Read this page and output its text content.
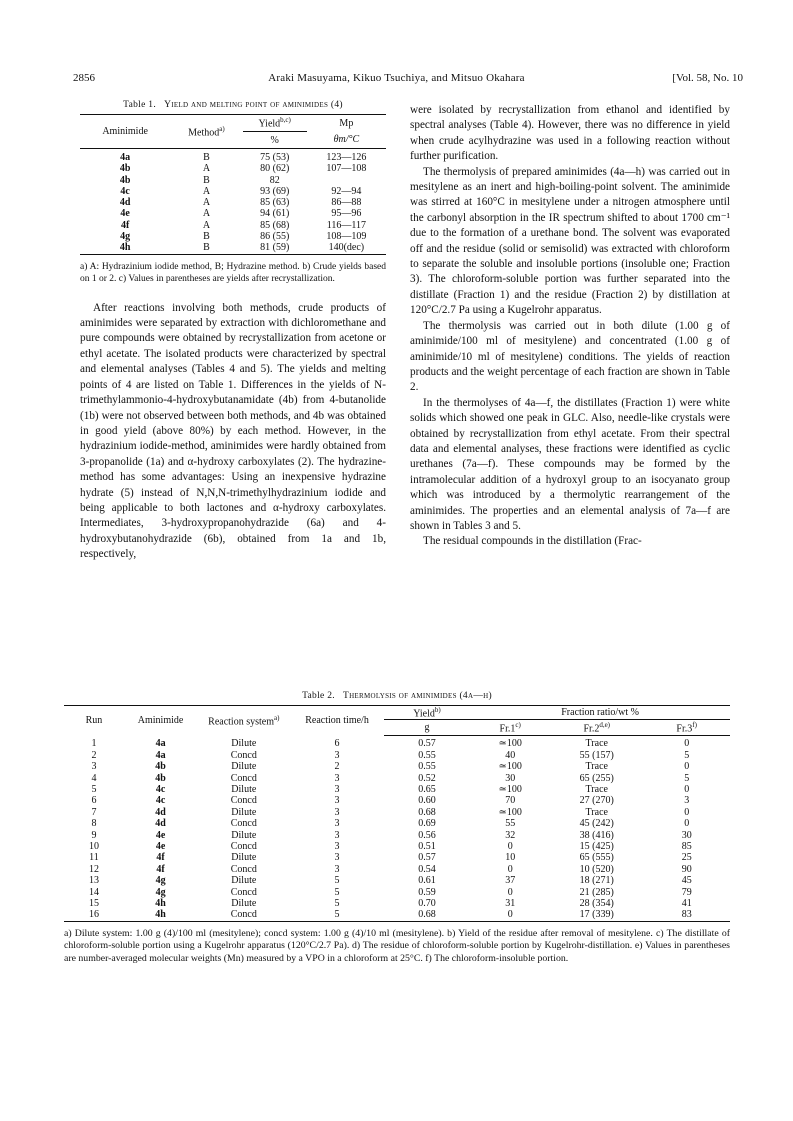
2856	Araki Masuyama, Kikuo Tsuchiya, and Mitsuo Okahara	[Vol. 58, No. 10
Table 1. Yield and melting point of aminimides (4)
Aminimide	Method$^{a)}$	Yield$^{b,c)}$	Mp
		%	θm/°C
4a	B	75 (53)	123—126
4b	A	80 (62)	107—108
4b	B	82	
4c	A	93 (69)	92—94
4d	A	85 (63)	86—88
4e	A	94 (61)	95—96
4f	A	85 (68)	116—117
4g	B	86 (55)	108—109
4h	B	81 (59)	140(dec)
a) A: Hydrazinium iodide method, B; Hydrazine method. b) Crude yields based on 1 or 2. c) Values in parentheses are yields after recrystallization.

After reactions involving both methods, crude products of aminimides were separated by extraction with dichloromethane and pure compounds were obtained by recrystallization from acetone or ethyl acetate. The isolated products were characterized by spectral and elemental analyses (Tables 4 and 5). The yields and melting points of 4 are listed on Table 1. Differences in the yields of N-trimethylammonio-4-hydroxybutanamidate (4b) from 4-butanolide (1b) were not observed between both methods, and 4b was obtained in good yield (above 80%) by each method. However, in the hydrazinium iodide-method, aminimides were hardly obtained from 3-propanolide (1a) and α-hydroxy carboxylates (2). The hydrazine-method has some advantages: Using an inexpensive hydrazine hydrate (5) instead of N,N,N-trimethylhydrazinium iodide and being applicable to both lactones and α-hydroxy carboxylates. Intermediates, 3-hydroxypropanohydrazide (6a) and 4-hydroxybutanohydrazide (6b), obtained from 1a and 1b, respectively,

were isolated by recrystallization from ethanol and identified by spectral analyses (Table 4). However, there was no difference in yield when crude acylhydrazine was used in a following reaction without further purification.

The thermolysis of prepared aminimides (4a—h) was carried out in mesitylene as an inert and high-boiling-point solvent. The aminimide was stirred at 160°C in mesitylene under a nitrogen atmosphere until the carbonyl absorption in the IR spectrum shifted to about 1700 cm⁻¹ due to the formation of a urethane bond. The solvent was evaporated off and the residue (solid or semisolid) was extracted with chloroform to separate the soluble and insoluble portions (insoluble one; Fraction 3). The chloroform-soluble portion was further separated into the distillate (Fraction 1) and the residue (Fraction 2) by distillation at 120°C/2.7 Pa using a Kugelrohr apparatus.

The thermolysis was carried out in both dilute (1.00 g of aminimide/100 ml of mesitylene) and concentrated (1.00 g of aminimide/10 ml of mesitylene) conditions. The yields of reaction products and the weight percentage of each fraction are shown in Table 2.

In the thermolyses of 4a—f, the distillates (Fraction 1) were white solids which showed one peak in GLC. Also, needle-like crystals were obtained by recrystallization from ethyl acetate. From their spectral data and elemental analyses, these fractions were identified as cyclic urethanes (7a—f). These compounds may be formed by the intramolecular addition of a hydroxyl group to an isocyanato group which was introduced by a thermolytic rearrangement of the aminimides. The properties and an elemental analysis of 7a—f are shown in Tables 3 and 5.

The residual compounds in the distillation (Frac-

Table 2. Thermolysis of aminimides (4a—h)
Run	Aminimide	Reaction system$^{a)}$	Reaction time/h	Yield$^{b)}$	Fraction ratio/wt %		
				g	Fr.1$^{c)}$	Fr.2$^{d,e)}$	Fr.3$^{f)}$
1	4a	Dilute	6	0.57	≃100	Trace	0
2	4a	Concd	3	0.55	40	55 (157)	5
3	4b	Dilute	2	0.55	≃100	Trace	0
4	4b	Concd	3	0.52	30	65 (255)	5
5	4c	Dilute	3	0.65	≃100	Trace	0
6	4c	Concd	3	0.60	70	27 (270)	3
7	4d	Dilute	3	0.68	≃100	Trace	0
8	4d	Concd	3	0.69	55	45 (242)	0
9	4e	Dilute	3	0.56	32	38 (416)	30
10	4e	Concd	3	0.51	0	15 (425)	85
11	4f	Dilute	3	0.57	10	65 (555)	25
12	4f	Concd	3	0.54	0	10 (520)	90
13	4g	Dilute	5	0.61	37	18 (271)	45
14	4g	Concd	5	0.59	0	21 (285)	79
15	4h	Dilute	5	0.70	31	28 (354)	41
16	4h	Concd	5	0.68	0	17 (339)	83
a) Dilute system: 1.00 g (4)/100 ml (mesitylene); concd system: 1.00 g (4)/10 ml (mesitylene). b) Yield of the residue after removal of mesitylene. c) The distillate of chloroform-soluble portion using a Kugelrohr apparatus (120°C/2.7 Pa). d) The residue of chloroform-soluble portion by Kugelrohr-distillation. e) Values in parentheses are number-averaged molecular weights (Mn) measured by a VPO in a chloroform at 25°C. f) The chloroform-insoluble portion.
